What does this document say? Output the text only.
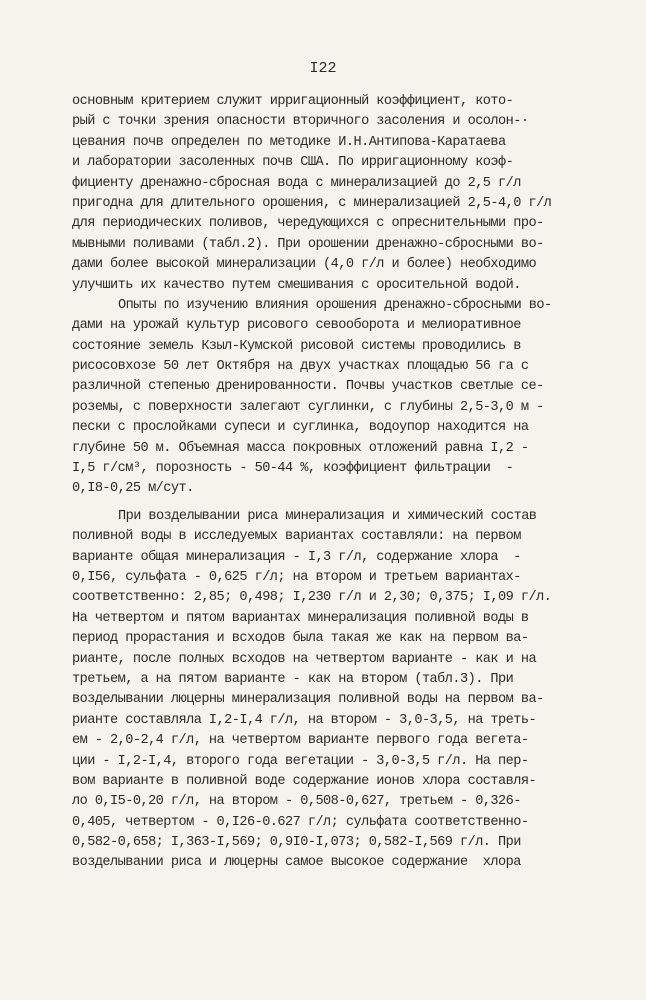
I22
основным критерием служит ирригационный коэффициент, кото-
рый с точки зрения опасности вторичного засоления и осолон-·
цевания почв определен по методике И.Н.Антипова-Каратаева
и лаборатории засоленных почв США. По ирригационному коэф-
фициенту дренажно-сбросная вода с минерализацией до 2,5 г/л
пригодна для длительного орошения, с минерализацией 2,5-4,0 г/л
для периодических поливов, чередующихся с опреснительными про-
мывными поливами (табл.2). При орошении дренажно-сбросными во-
дами более высокой минерализации (4,0 г/л и более) необходимо
улучшить их качество путем смешивания с оросительной водой.
Опыты по изучению влияния орошения дренажно-сбросными во-
дами на урожай культур рисового севооборота и мелиоративное
состояние земель Кзыл-Кумской рисовой системы проводились в
рисосовхозе 50 лет Октября на двух участках площадью 56 га с
различной степенью дренированности. Почвы участков светлые се-
роземы, с поверхности залегают суглинки, с глубины 2,5-3,0 м -
пески с прослойками супеси и суглинка, водоупор находится на
глубине 50 м. Объемная масса покровных отложений равна I,2 -
I,5 г/см³, порозность - 50-44 %, коэффициент фильтрации  -
0,I8-0,25 м/сут.
При возделывании риса минерализация и химический состав
поливной воды в исследуемых вариантах составляли: на первом
варианте общая минерализация - I,3 г/л, содержание хлора  -
0,I56, сульфата - 0,625 г/л; на втором и третьем вариантах-
соответственно: 2,85; 0,498; I,230 г/л и 2,30; 0,375; I,09 г/л.
На четвертом и пятом вариантах минерализация поливной воды в
период прорастания и всходов была такая же как на первом ва-
рианте, после полных всходов на четвертом варианте - как и на
третьем, а на пятом варианте - как на втором (табл.3). При
возделывании люцерны минерализация поливной воды на первом ва-
рианте составляла I,2-I,4 г/л, на втором - 3,0-3,5, на треть-
ем - 2,0-2,4 г/л, на четвертом варианте первого года вегета-
ции - I,2-I,4, второго года вегетации - 3,0-3,5 г/л. На пер-
вом варианте в поливной воде содержание ионов хлора составля-
ло 0,I5-0,20 г/л, на втором - 0,508-0,627, третьем - 0,326-
0,405, четвертом - 0,I26-0.627 г/л; сульфата соответственно-
0,582-0,658; I,363-I,569; 0,9I0-I,073; 0,582-I,569 г/л. При
возделывании риса и люцерны самое высокое содержание  хлора
